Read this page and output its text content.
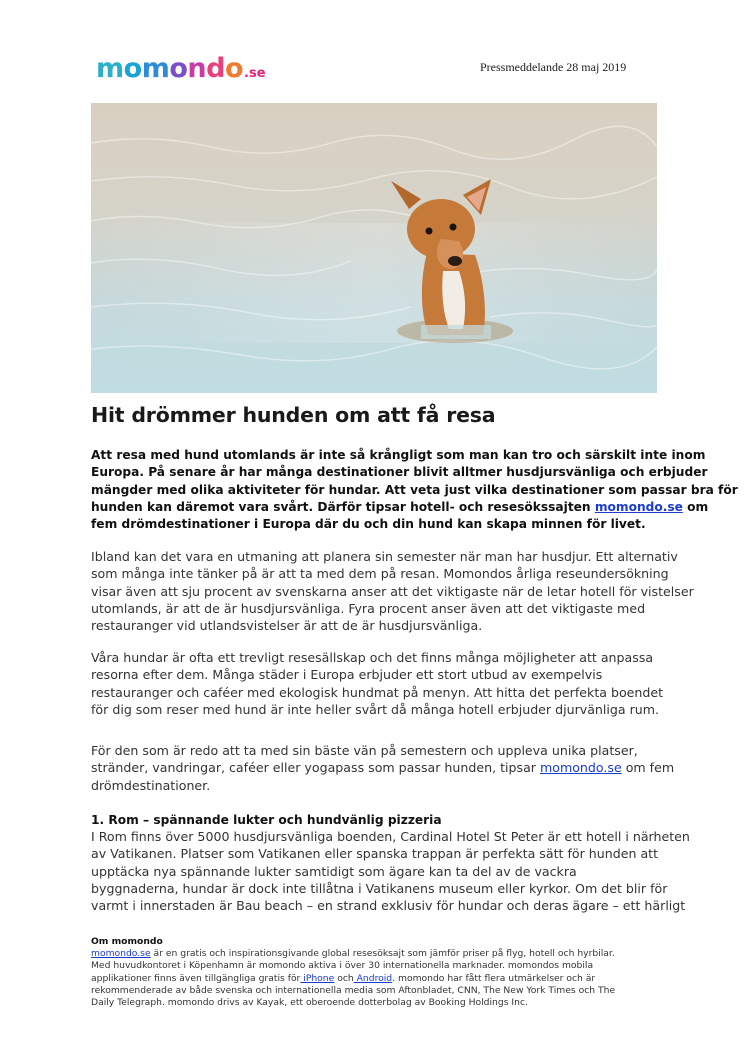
momondo.se	Pressmeddelande 28 maj 2019
Hit drömmer hunden om att få resa
Att resa med hund utomlands är inte så krångligt som man kan tro och särskilt inte inom
Europa. På senare år har många destinationer blivit alltmer husdjursvänliga och erbjuder
mängder med olika aktiviteter för hundar. Att veta just vilka destinationer som passar bra för
hunden kan däremot vara svårt. Därför tipsar hotell- och resesökssajten momondo.se om
fem drömdestinationer i Europa där du och din hund kan skapa minnen för livet.
Ibland kan det vara en utmaning att planera sin semester när man har husdjur. Ett alternativ
som många inte tänker på är att ta med dem på resan. Momondos årliga reseundersökning
visar även att sju procent av svenskarna anser att det viktigaste när de letar hotell för vistelser
utomlands, är att de är husdjursvänliga. Fyra procent anser även att det viktigaste med
restauranger vid utlandsvistelser är att de är husdjursvänliga.
Våra hundar är ofta ett trevligt resesällskap och det finns många möjligheter att anpassa
resorna efter dem. Många städer i Europa erbjuder ett stort utbud av exempelvis
restauranger och caféer med ekologisk hundmat på menyn. Att hitta det perfekta boendet
för dig som reser med hund är inte heller svårt då många hotell erbjuder djurvänliga rum.
För den som är redo att ta med sin bäste vän på semestern och uppleva unika platser,
stränder, vandringar, caféer eller yogapass som passar hunden, tipsar momondo.se om fem
drömdestinationer.
1. Rom – spännande lukter och hundvänlig pizzeria
I Rom finns över 5000 husdjursvänliga boenden, Cardinal Hotel St Peter är ett hotell i närheten
av Vatikanen. Platser som Vatikanen eller spanska trappan är perfekta sätt för hunden att
upptäcka nya spännande lukter samtidigt som ägare kan ta del av de vackra
byggnaderna, hundar är dock inte tillåtna i Vatikanens museum eller kyrkor. Om det blir för
varmt i innerstaden är Bau beach – en strand exklusiv för hundar och deras ägare – ett härligt
Om momondo
momondo.se är en gratis och inspirationsgivande global resesöksajt som jämför priser på flyg, hotell och hyrbilar.
Med huvudkontoret i Köpenhamn är momondo aktiva i över 30 internationella marknader. momondos mobila
applikationer finns även tillgängliga gratis för iPhone och Android. momondo har fått flera utmärkelser och är
rekommenderade av både svenska och internationella media som Aftonbladet, CNN, The New York Times och The
Daily Telegraph. momondo drivs av Kayak, ett oberoende dotterbolag av Booking Holdings Inc.
